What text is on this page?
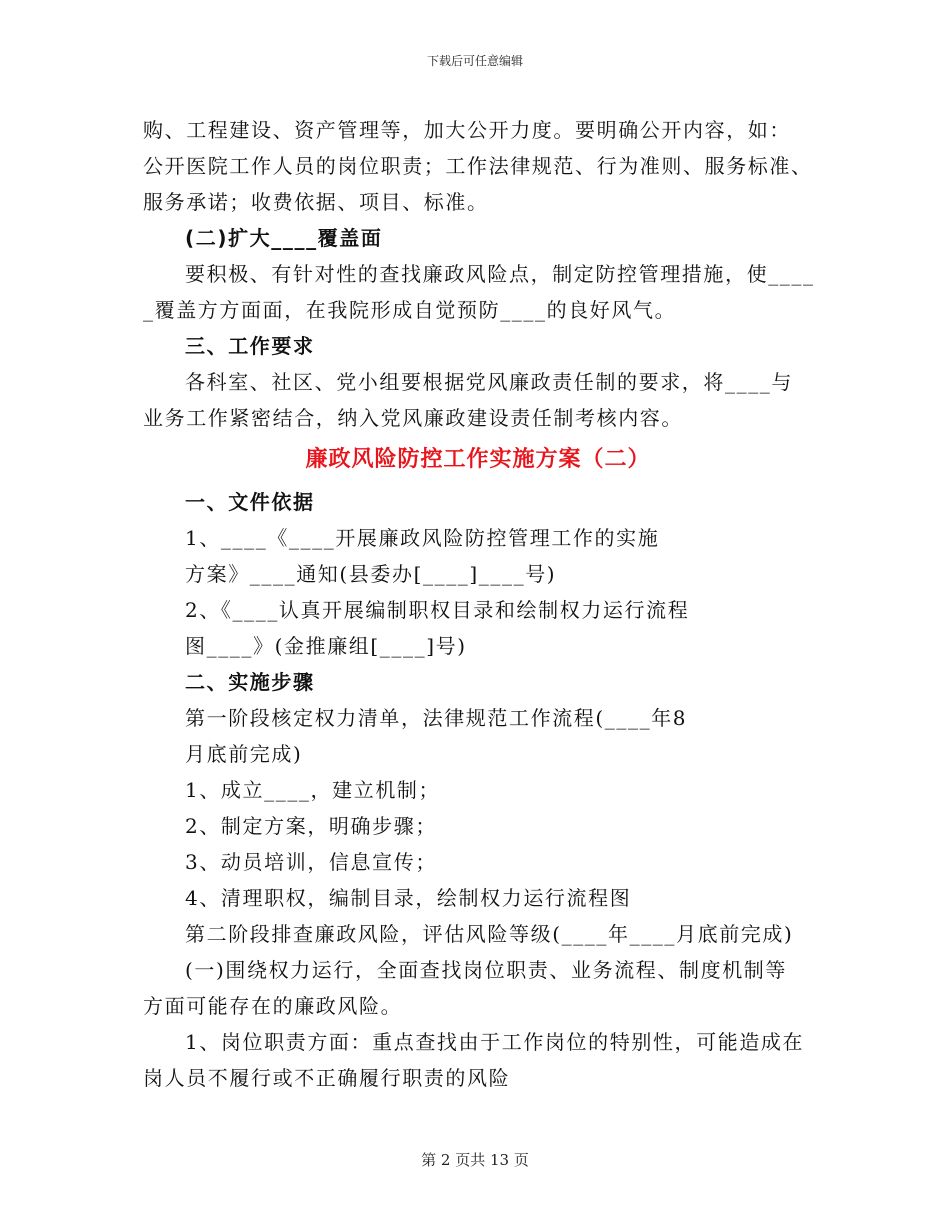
下载后可任意编辑
购、工程建设、资产管理等，加大公开力度。要明确公开内容，如：
公开医院工作人员的岗位职责；工作法律规范、行为准则、服务标准、
服务承诺；收费依据、项目、标准。
(二)扩大____覆盖面
要积极、有针对性的查找廉政风险点，制定防控管理措施，使____
_覆盖方方面面，在我院形成自觉预防____的良好风气。
三、工作要求
各科室、社区、党小组要根据党风廉政责任制的要求，将____与
业务工作紧密结合，纳入党风廉政建设责任制考核内容。
廉政风险防控工作实施方案（二）
一、文件依据
1、____《____开展廉政风险防控管理工作的实施
方案》____通知(县委办[____]____号)
2、《____认真开展编制职权目录和绘制权力运行流程
图____》(金推廉组[____]号)
二、实施步骤
第一阶段核定权力清单，法律规范工作流程(____年8
月底前完成)
1、成立____，建立机制；
2、制定方案，明确步骤；
3、动员培训，信息宣传；
4、清理职权，编制目录，绘制权力运行流程图
第二阶段排查廉政风险，评估风险等级(____年____月底前完成)
(一)围绕权力运行，全面查找岗位职责、业务流程、制度机制等
方面可能存在的廉政风险。
1、岗位职责方面：重点查找由于工作岗位的特别性，可能造成在
岗人员不履行或不正确履行职责的风险
第 2 页共 13 页
